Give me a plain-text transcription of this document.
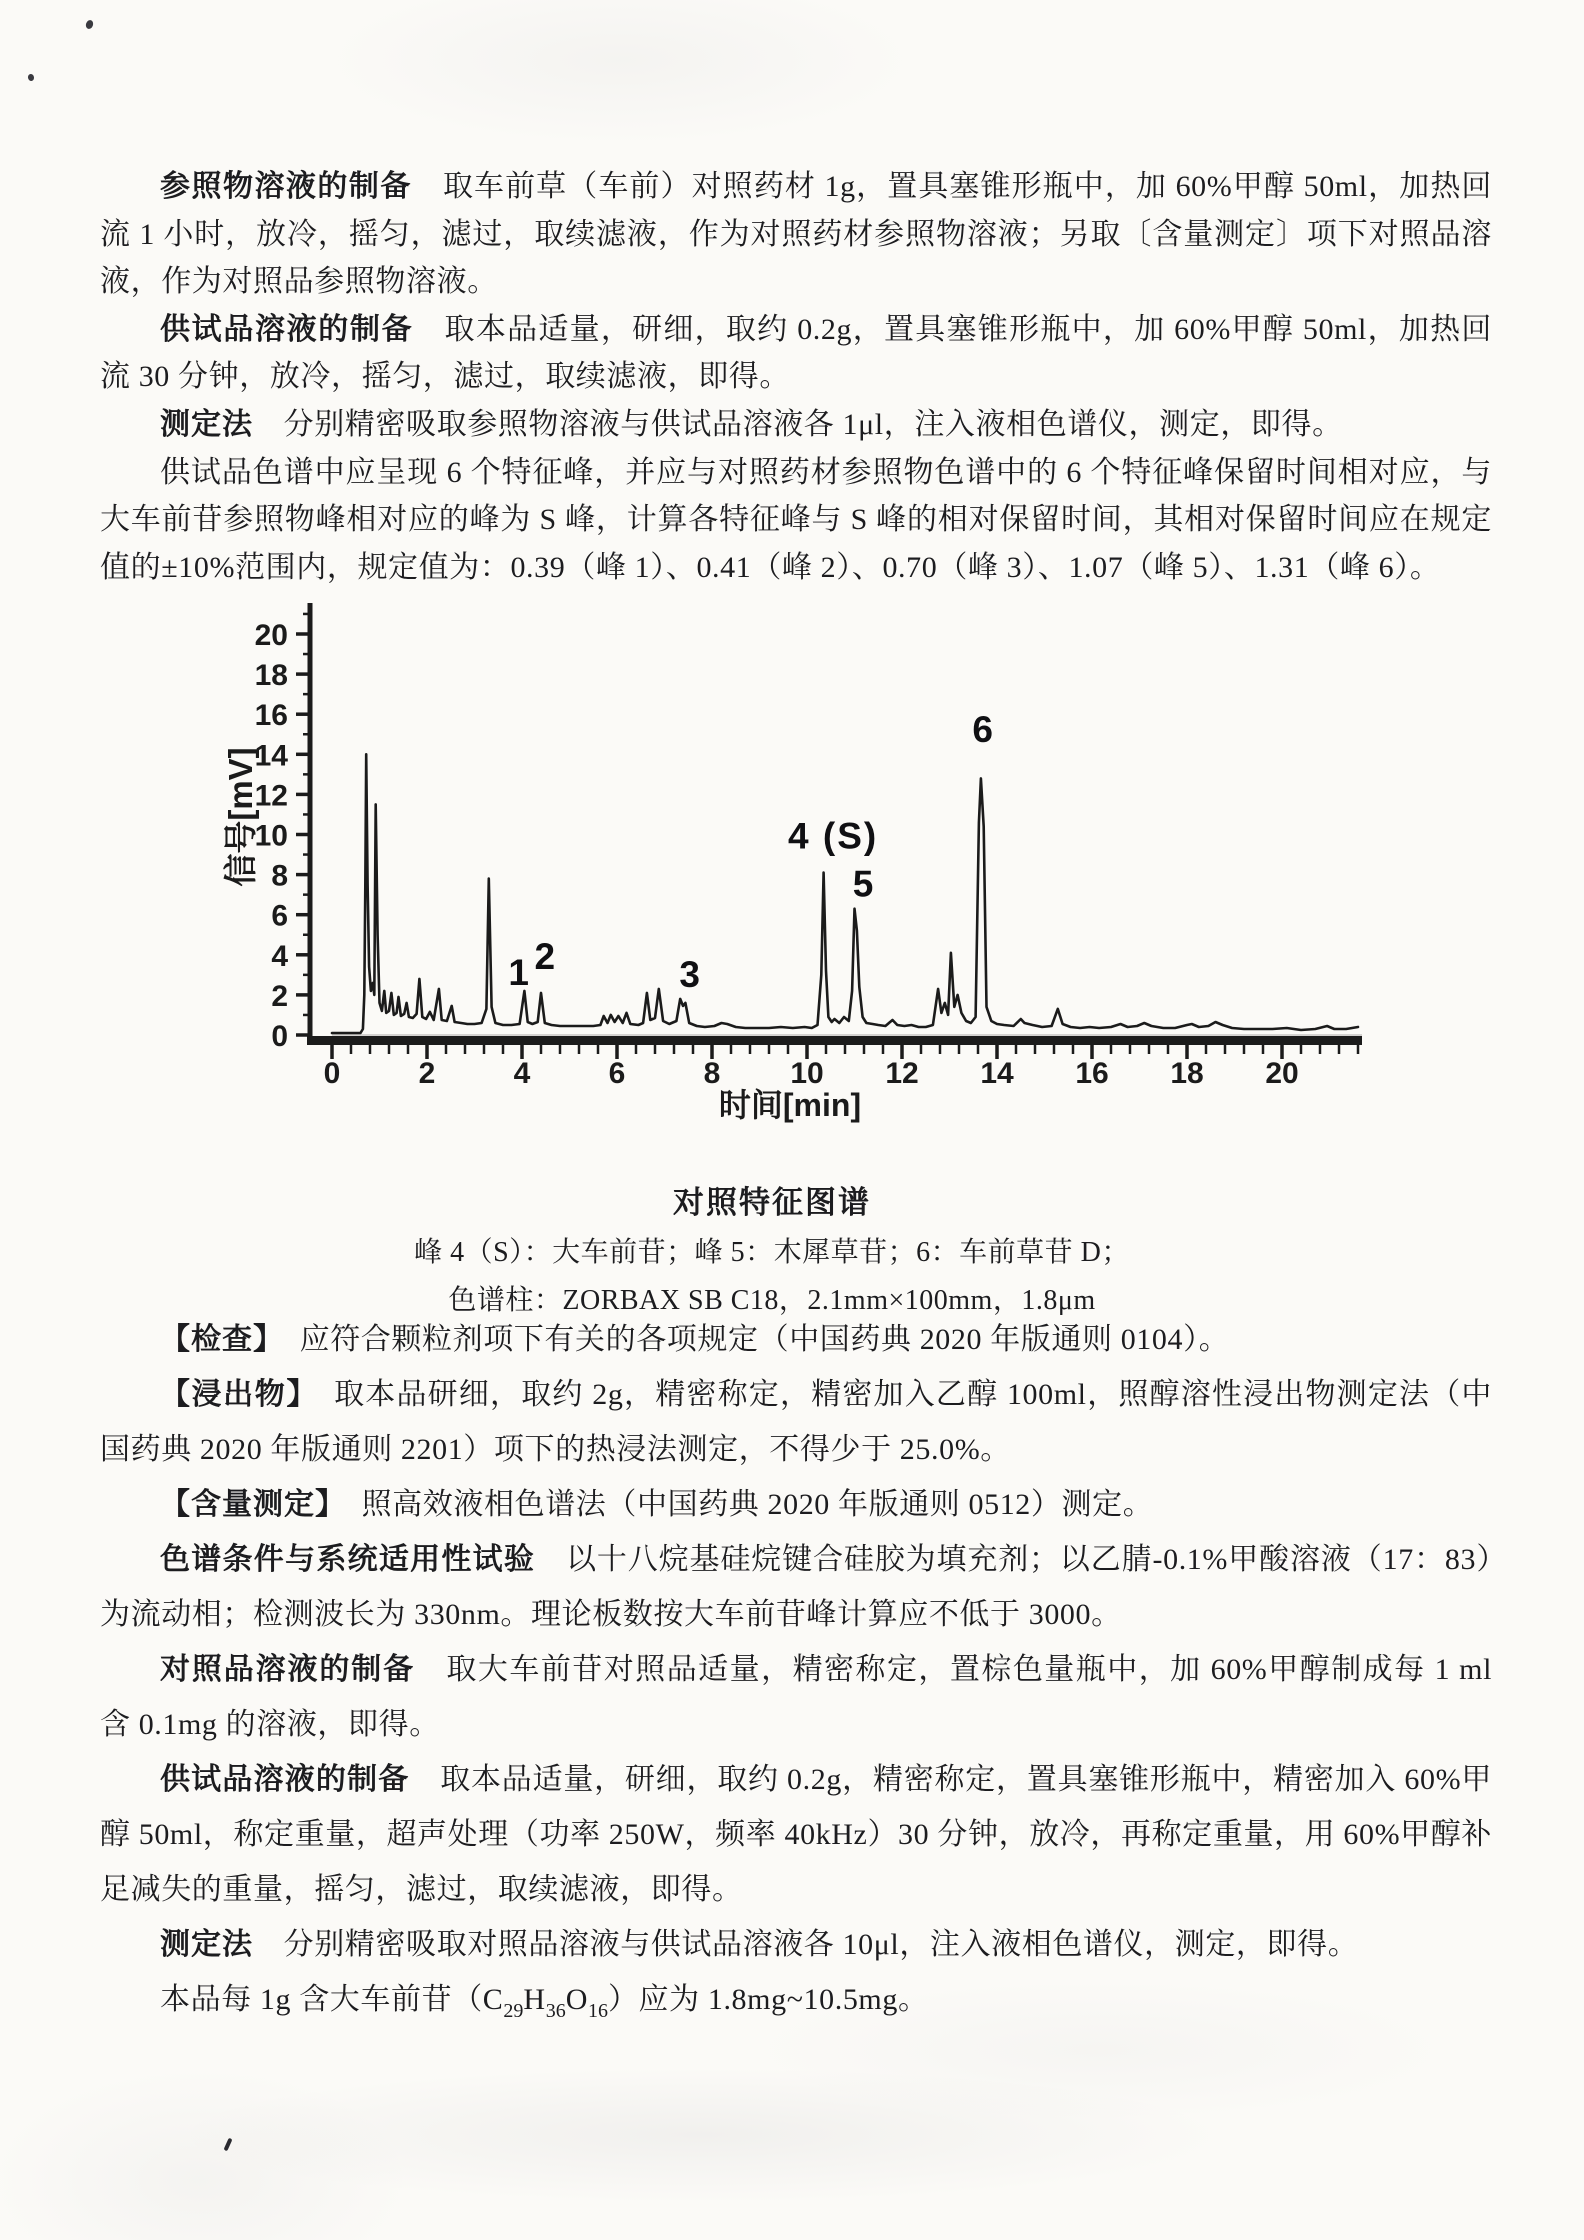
参照物溶液的制备　取车前草（车前）对照药材 1g，置具塞锥形瓶中，加 60%甲醇 50ml，加热回流 1 小时，放冷，摇匀，滤过，取续滤液，作为对照药材参照物溶液；另取〔含量测定〕项下对照品溶液，作为对照品参照物溶液。

供试品溶液的制备　取本品适量，研细，取约 0.2g，置具塞锥形瓶中，加 60%甲醇 50ml，加热回流 30 分钟，放冷，摇匀，滤过，取续滤液，即得。

测定法　分别精密吸取参照物溶液与供试品溶液各 1μl，注入液相色谱仪，测定，即得。

供试品色谱中应呈现 6 个特征峰，并应与对照药材参照物色谱中的 6 个特征峰保留时间相对应，与大车前苷参照物峰相对应的峰为 S 峰，计算各特征峰与 S 峰的相对保留时间，其相对保留时间应在规定值的±10%范围内，规定值为：0.39（峰 1）、0.41（峰 2）、0.70（峰 3）、1.07（峰 5）、1.31（峰 6）。

0
2
4
6
8
10
12
14
16
18
20
0	2	4	6	8 10 12 14 16 18 20
1 2	3
4 (S)
5
6
时间[min]
信号[mV]
对照特征图谱
峰 4（S）：大车前苷；峰 5：木犀草苷；6：车前草苷 D；
色谱柱：ZORBAX SB C18，2.1mm×100mm，1.8μm

【检查】　应符合颗粒剂项下有关的各项规定（中国药典 2020 年版通则 0104）。

【浸出物】　取本品研细，取约 2g，精密称定，精密加入乙醇 100ml，照醇溶性浸出物测定法（中国药典 2020 年版通则 2201）项下的热浸法测定，不得少于 25.0%。

【含量测定】　照高效液相色谱法（中国药典 2020 年版通则 0512）测定。

色谱条件与系统适用性试验　以十八烷基硅烷键合硅胶为填充剂；以乙腈-0.1%甲酸溶液（17：83）为流动相；检测波长为 330nm。理论板数按大车前苷峰计算应不低于 3000。

对照品溶液的制备　取大车前苷对照品适量，精密称定，置棕色量瓶中，加 60%甲醇制成每 1 ml 含 0.1mg 的溶液，即得。

供试品溶液的制备　取本品适量，研细，取约 0.2g，精密称定，置具塞锥形瓶中，精密加入 60%甲醇 50ml，称定重量，超声处理（功率 250W，频率 40kHz）30 分钟，放冷，再称定重量，用 60%甲醇补足减失的重量，摇匀，滤过，取续滤液，即得。

测定法　分别精密吸取对照品溶液与供试品溶液各 10μl，注入液相色谱仪，测定，即得。

本品每 1g 含大车前苷$(C_{29}H_{36}O_{16})$应为 1.8mg~10.5mg。
